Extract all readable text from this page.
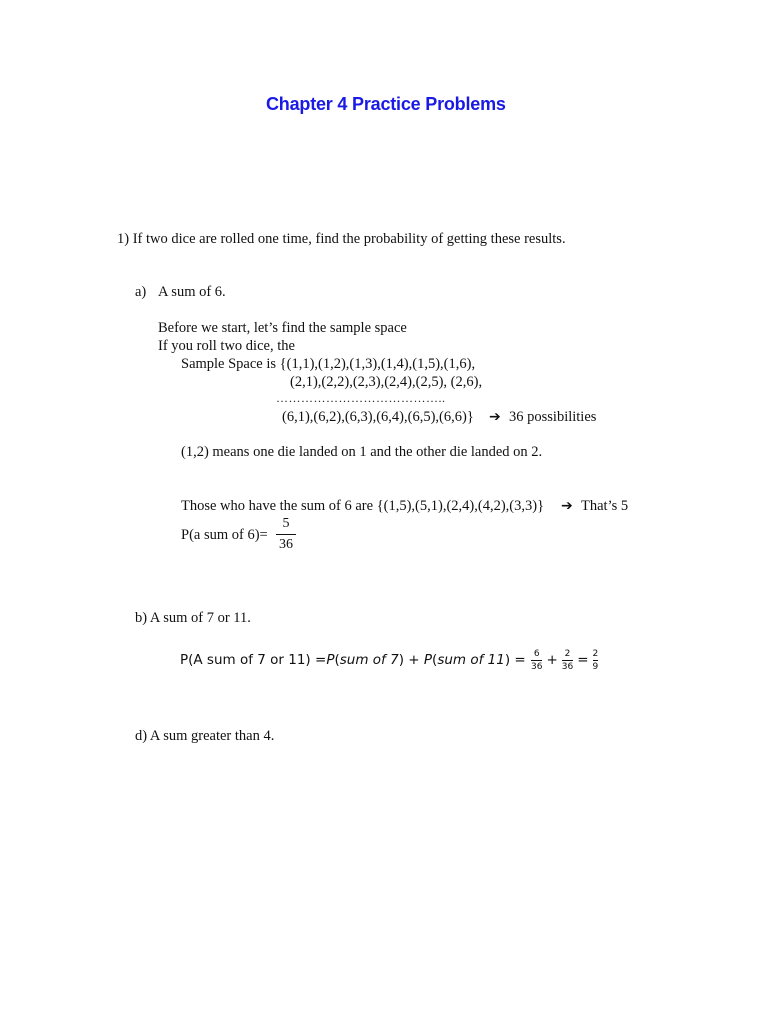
Chapter 4 Practice Problems
1) If two dice are rolled one time, find the probability of getting these results.
a) A sum of 6.
Before we start, let’s find the sample space
If you roll two dice, the
Sample Space is {(1,1),(1,2),(1,3),(1,4),(1,5),(1,6),
(2,1),(2,2),(2,3),(2,4),(2,5), (2,6),
…………………………………..
(6,1),(6,2),(6,3),(6,4),(6,5),(6,6)} ➔ 36 possibilities
(1,2) means one die landed on 1 and the other die landed on 2.
Those who have the sum of 6 are {(1,5),(5,1),(2,4),(4,2),(3,3)} ➔ That’s 5
P(a sum of 6)=
5
36
b) A sum of 7 or 11.
P(A sum of 7 or 11) = P ( sum of 7 ) + P ( sum of 11 ) = 6
36 + 2
36 = 2
9
d) A sum greater than 4.
